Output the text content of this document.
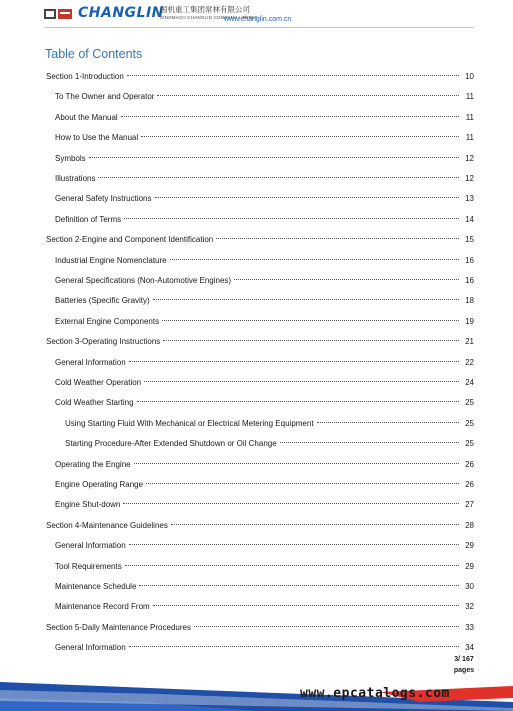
CHANGLIN
国机重工集团常林有限公司
SINOMACH CHANGLIN COMPANY LIMITED
www.changlin.com.cn
Table of Contents
Section 1-Introduction	10
To The Owner and Operator	11
About the Manual	11
How to Use the Manual	11
Symbols	12
Illustrations	12
General Safety Instructions	13
Definition of Terms	14
Section 2-Engine and Component Identification	15
Industrial Engine Nomenclature	16
General Specifications (Non-Automotive Engines)	16
Batteries (Specific Gravity)	18
External Engine Components	19
Section 3-Operating Instructions	21
General Information	22
Cold Weather Operation	24
Cold Weather Starting	25
Using Starting Fluid With Mechanical or Electrical Metering Equipment	25
Starting Procedure-After Extended Shutdown or Oil Change	25
Operating the Engine	26
Engine Operating Range	26
Engine Shut-down	27
Section 4-Maintenance Guidelines	28
General Information	29
Tool Requirements	29
Maintenance Schedule	30
Maintenance Record From	32
Section 5-Daily Maintenance Procedures	33
General Information	34
3/ 167
pages
www.epcatalogs.com
